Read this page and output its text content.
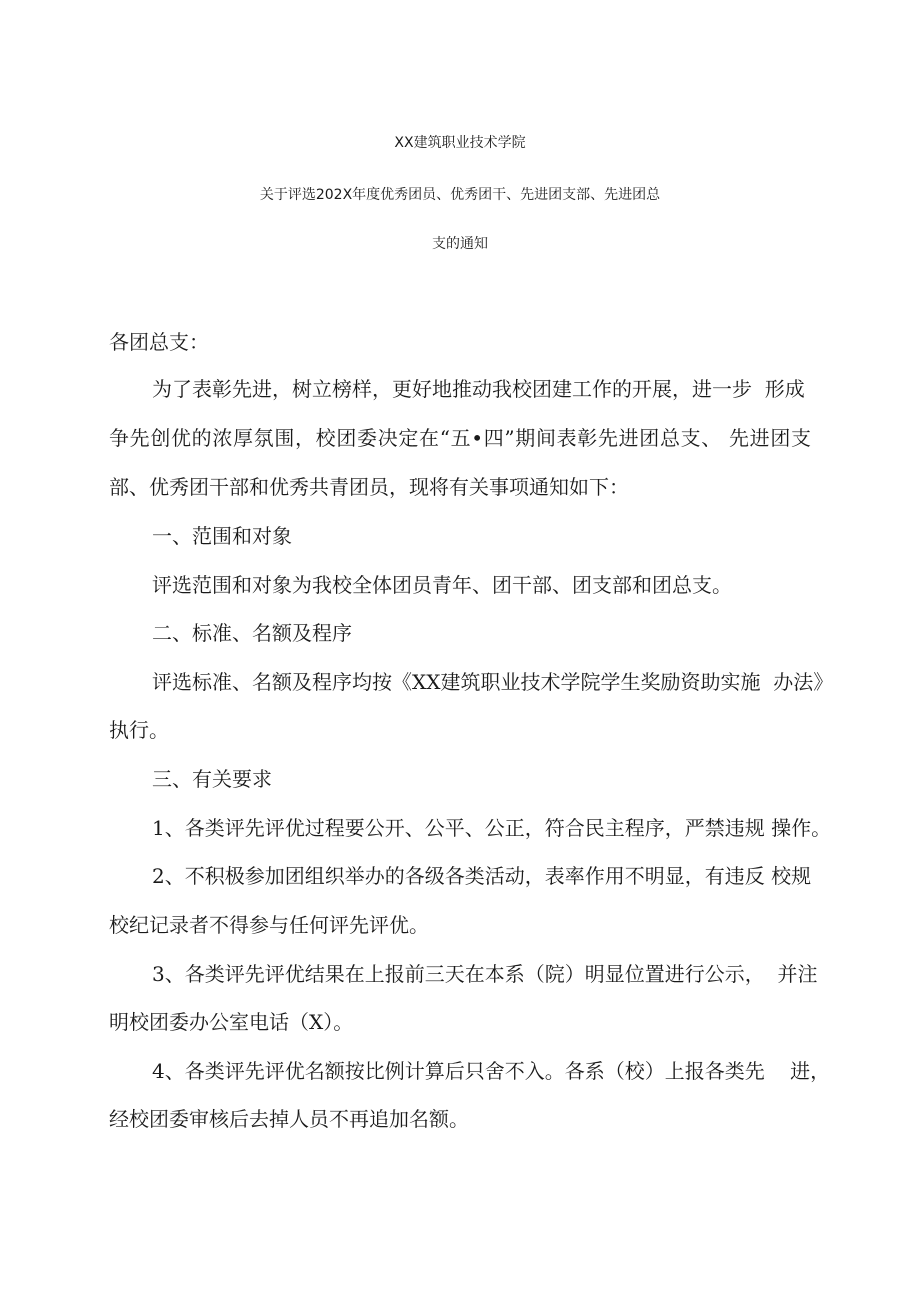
XX建筑职业技术学院
关于评选202X年度优秀团员、优秀团干、先进团支部、先进团总
支的通知
各团总支：
为了表彰先进，树立榜样，更好地推动我校团建工作的开展，进一步  形成
争先创优的浓厚氛围，校团委决定在“五•四”期间表彰先进团总支、 先进团支
部、优秀团干部和优秀共青团员，现将有关事项通知如下：
一、范围和对象
评选范围和对象为我校全体团员青年、团干部、团支部和团总支。
二、标准、名额及程序
评选标准、名额及程序均按《XX建筑职业技术学院学生奖励资助实施  办法》
执行。
三、有关要求
1、各类评先评优过程要公开、公平、公正，符合民主程序，严禁违规 操作。
2、不积极参加团组织举办的各级各类活动，表率作用不明显，有违反 校规
校纪记录者不得参与任何评先评优。
3、各类评先评优结果在上报前三天在本系（院）明显位置进行公示，  并注
明校团委办公室电话（X）。
4、各类评先评优名额按比例计算后只舍不入。各系（校）上报各类先    进，
经校团委审核后去掉人员不再追加名额。
